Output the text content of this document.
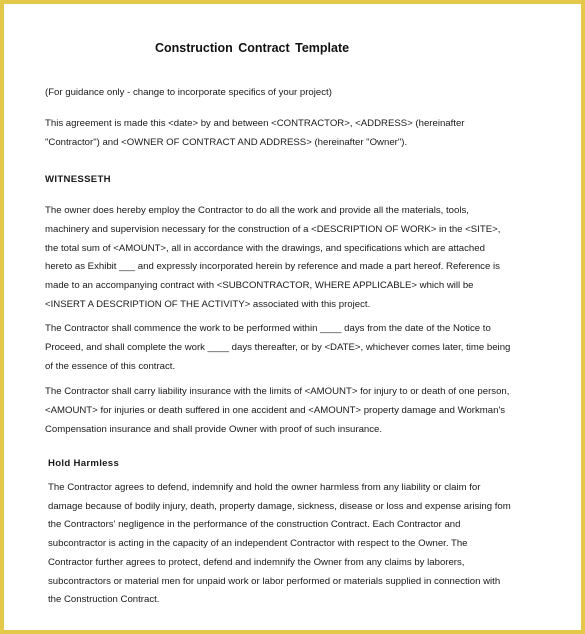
Construction Contract Template
(For guidance only - change to incorporate specifics of your project)
This agreement is made this <date> by and between <CONTRACTOR>, <ADDRESS> (hereinafter
"Contractor") and <OWNER OF CONTRACT AND ADDRESS> (hereinafter "Owner").
WITNESSETH
The owner does hereby employ the Contractor to do all the work and provide all the materials, tools,
machinery and supervision necessary for the construction of a <DESCRIPTION OF WORK> in the <SITE>,
the total sum of <AMOUNT>, all in accordance with the drawings, and specifications which are attached
hereto as Exhibit ___ and expressly incorporated herein by reference and made a part hereof. Reference is
made to an accompanying contract with <SUBCONTRACTOR, WHERE APPLICABLE> which will be
<INSERT A DESCRIPTION OF THE ACTIVITY> associated with this project.
The Contractor shall commence the work to be performed within ____ days from the date of the Notice to
Proceed, and shall complete the work ____ days thereafter, or by <DATE>, whichever comes later, time being
of the essence of this contract.
The Contractor shall carry liability insurance with the limits of <AMOUNT> for injury to or death of one person,
<AMOUNT> for injuries or death suffered in one accident and <AMOUNT> property damage and Workman's
Compensation insurance and shall provide Owner with proof of such insurance.
Hold Harmless
The Contractor agrees to defend, indemnify and hold the owner harmless from any liability or claim for
damage because of bodily injury, death, property damage, sickness, disease or loss and expense arising fom
the Contractors' negligence in the performance of the construction Contract. Each Contractor and
subcontractor is acting in the capacity of an independent Contractor with respect to the Owner. The
Contractor further agrees to protect, defend and indemnify the Owner from any claims by laborers,
subcontractors or material men for unpaid work or labor performed or materials supplied in connection with
the Construction Contract.
